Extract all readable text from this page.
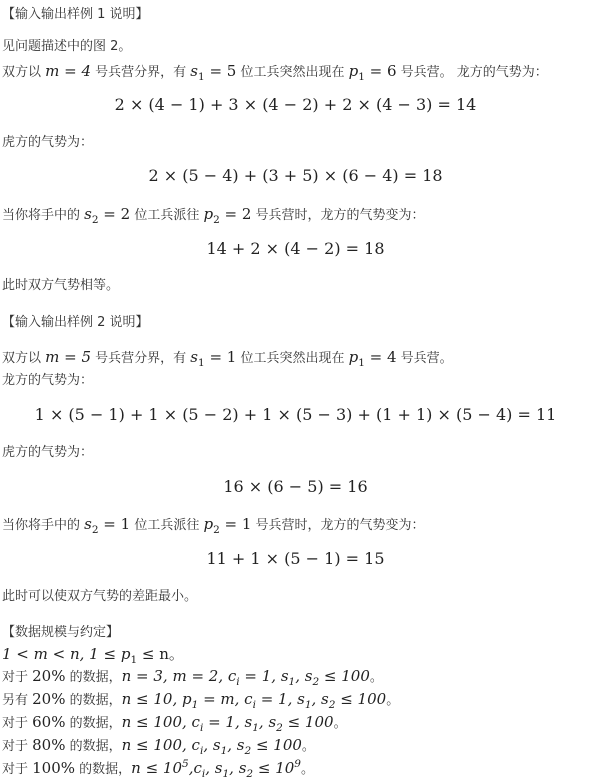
【输入输出样例 1 说明】
见问题描述中的图 2。
双方以 m = 4 号兵营分界，有 $s_1 = 5$ 位工兵突然出现在 $p_1 = 6$ 号兵营。 龙方的气势为：
2 × (4 − 1) + 3 × (4 − 2) + 2 × (4 − 3) = 14
虎方的气势为：
2 × (5 − 4) + (3 + 5) × (6 − 4) = 18
当你将手中的 $s_2 = 2$ 位工兵派往 $p_2 = 2$ 号兵营时，龙方的气势变为：
14 + 2 × (4 − 2) = 18
此时双方气势相等。
【输入输出样例 2 说明】
双方以 m = 5 号兵营分界，有 $s_1 = 1$ 位工兵突然出现在 $p_1 = 4$ 号兵营。
龙方的气势为：
1 × (5 − 1) + 1 × (5 − 2) + 1 × (5 − 3) + (1 + 1) × (5 − 4) = 11
虎方的气势为：
16 × (6 − 5) = 16
当你将手中的 $s_2 = 1$ 位工兵派往 $p_2 = 1$ 号兵营时，龙方的气势变为：
11 + 1 × (5 − 1) = 15
此时可以使双方气势的差距最小。
【数据规模与约定】
1 < m < n, $1 \le p_1 \le n$。
对于 20% 的数据，n = 3, m = 2, $c_i = 1$, $s_1$, $s_2 \le 100$。
另有 20% 的数据，n ≤ 10, $p_1 = m$, $c_i = 1$, $s_1$, $s_2 \le 100$。
对于 60% 的数据，n ≤ 100, $c_i = 1$, $s_1$, $s_2 \le 100$。
对于 80% 的数据，n ≤ 100, $c_i$, $s_1$, $s_2 \le 100$。
对于 100% 的数据，$n \le 10^5,c_i$, $s_1$, $s_2 \le 10^9$。
